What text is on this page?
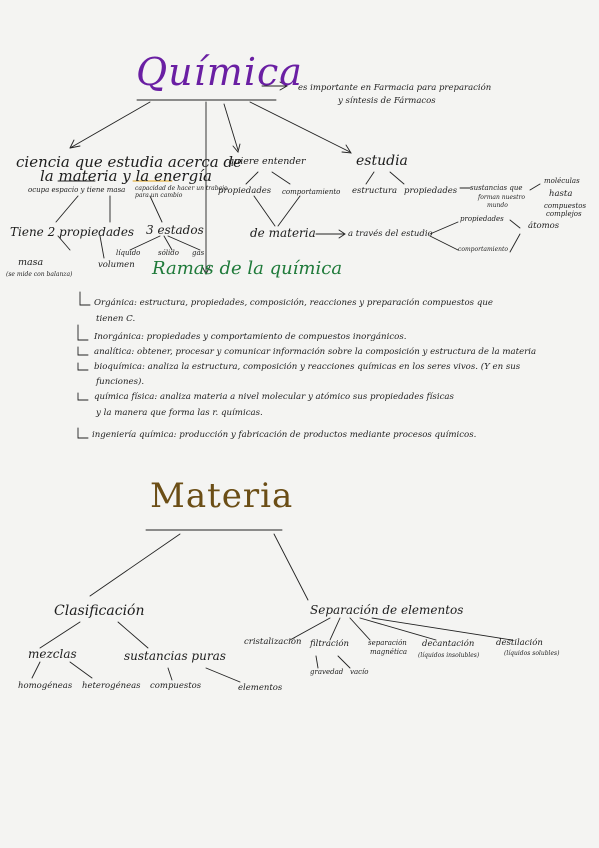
Química
es importante en Farmacia para preparación
y síntesis de Fármacos
ciencia que estudia acerca de
la materia y la energía
ocupa espacio y tiene masa capacidad de hacer un trabajo para un cambio
Tiene 2 propiedades 3 estados
líquido	sólido gas
masa
(se mide con balanza)
volumen
quiere entender
propiedades comportamiento
de materia	a través del estudio
estudia
estructura propiedades sustancias que
forman nuestro
mundo
moléculas
hasta
compuestos
complejos
propiedades
comportamiento
átomos
Ramas de la química
Orgánica: estructura, propiedades, composición, reacciones y preparación compuestos que
tienen C.
Inorgánica: propiedades y comportamiento de compuestos inorgánicos.
analítica: obtener, procesar y comunicar información sobre la composición y estructura de la materia
bioquímica: analiza la estructura, composición y reacciones químicas en los seres vivos. (Y en sus
funciones).
química física: analiza materia a nivel molecular y atómico sus propiedades físicas
y la manera que forma las r. químicas.
ingeniería química: producción y fabricación de productos mediante procesos químicos.
Materia
Clasificación
mezclas	sustancias puras
homogéneas heterogéneas compuestos	elementos
Separación de elementos
cristalización filtración	separación
magnética
decantación
(líquidos insolubles)
destilación
(líquidos solubles)
gravedad vacío
